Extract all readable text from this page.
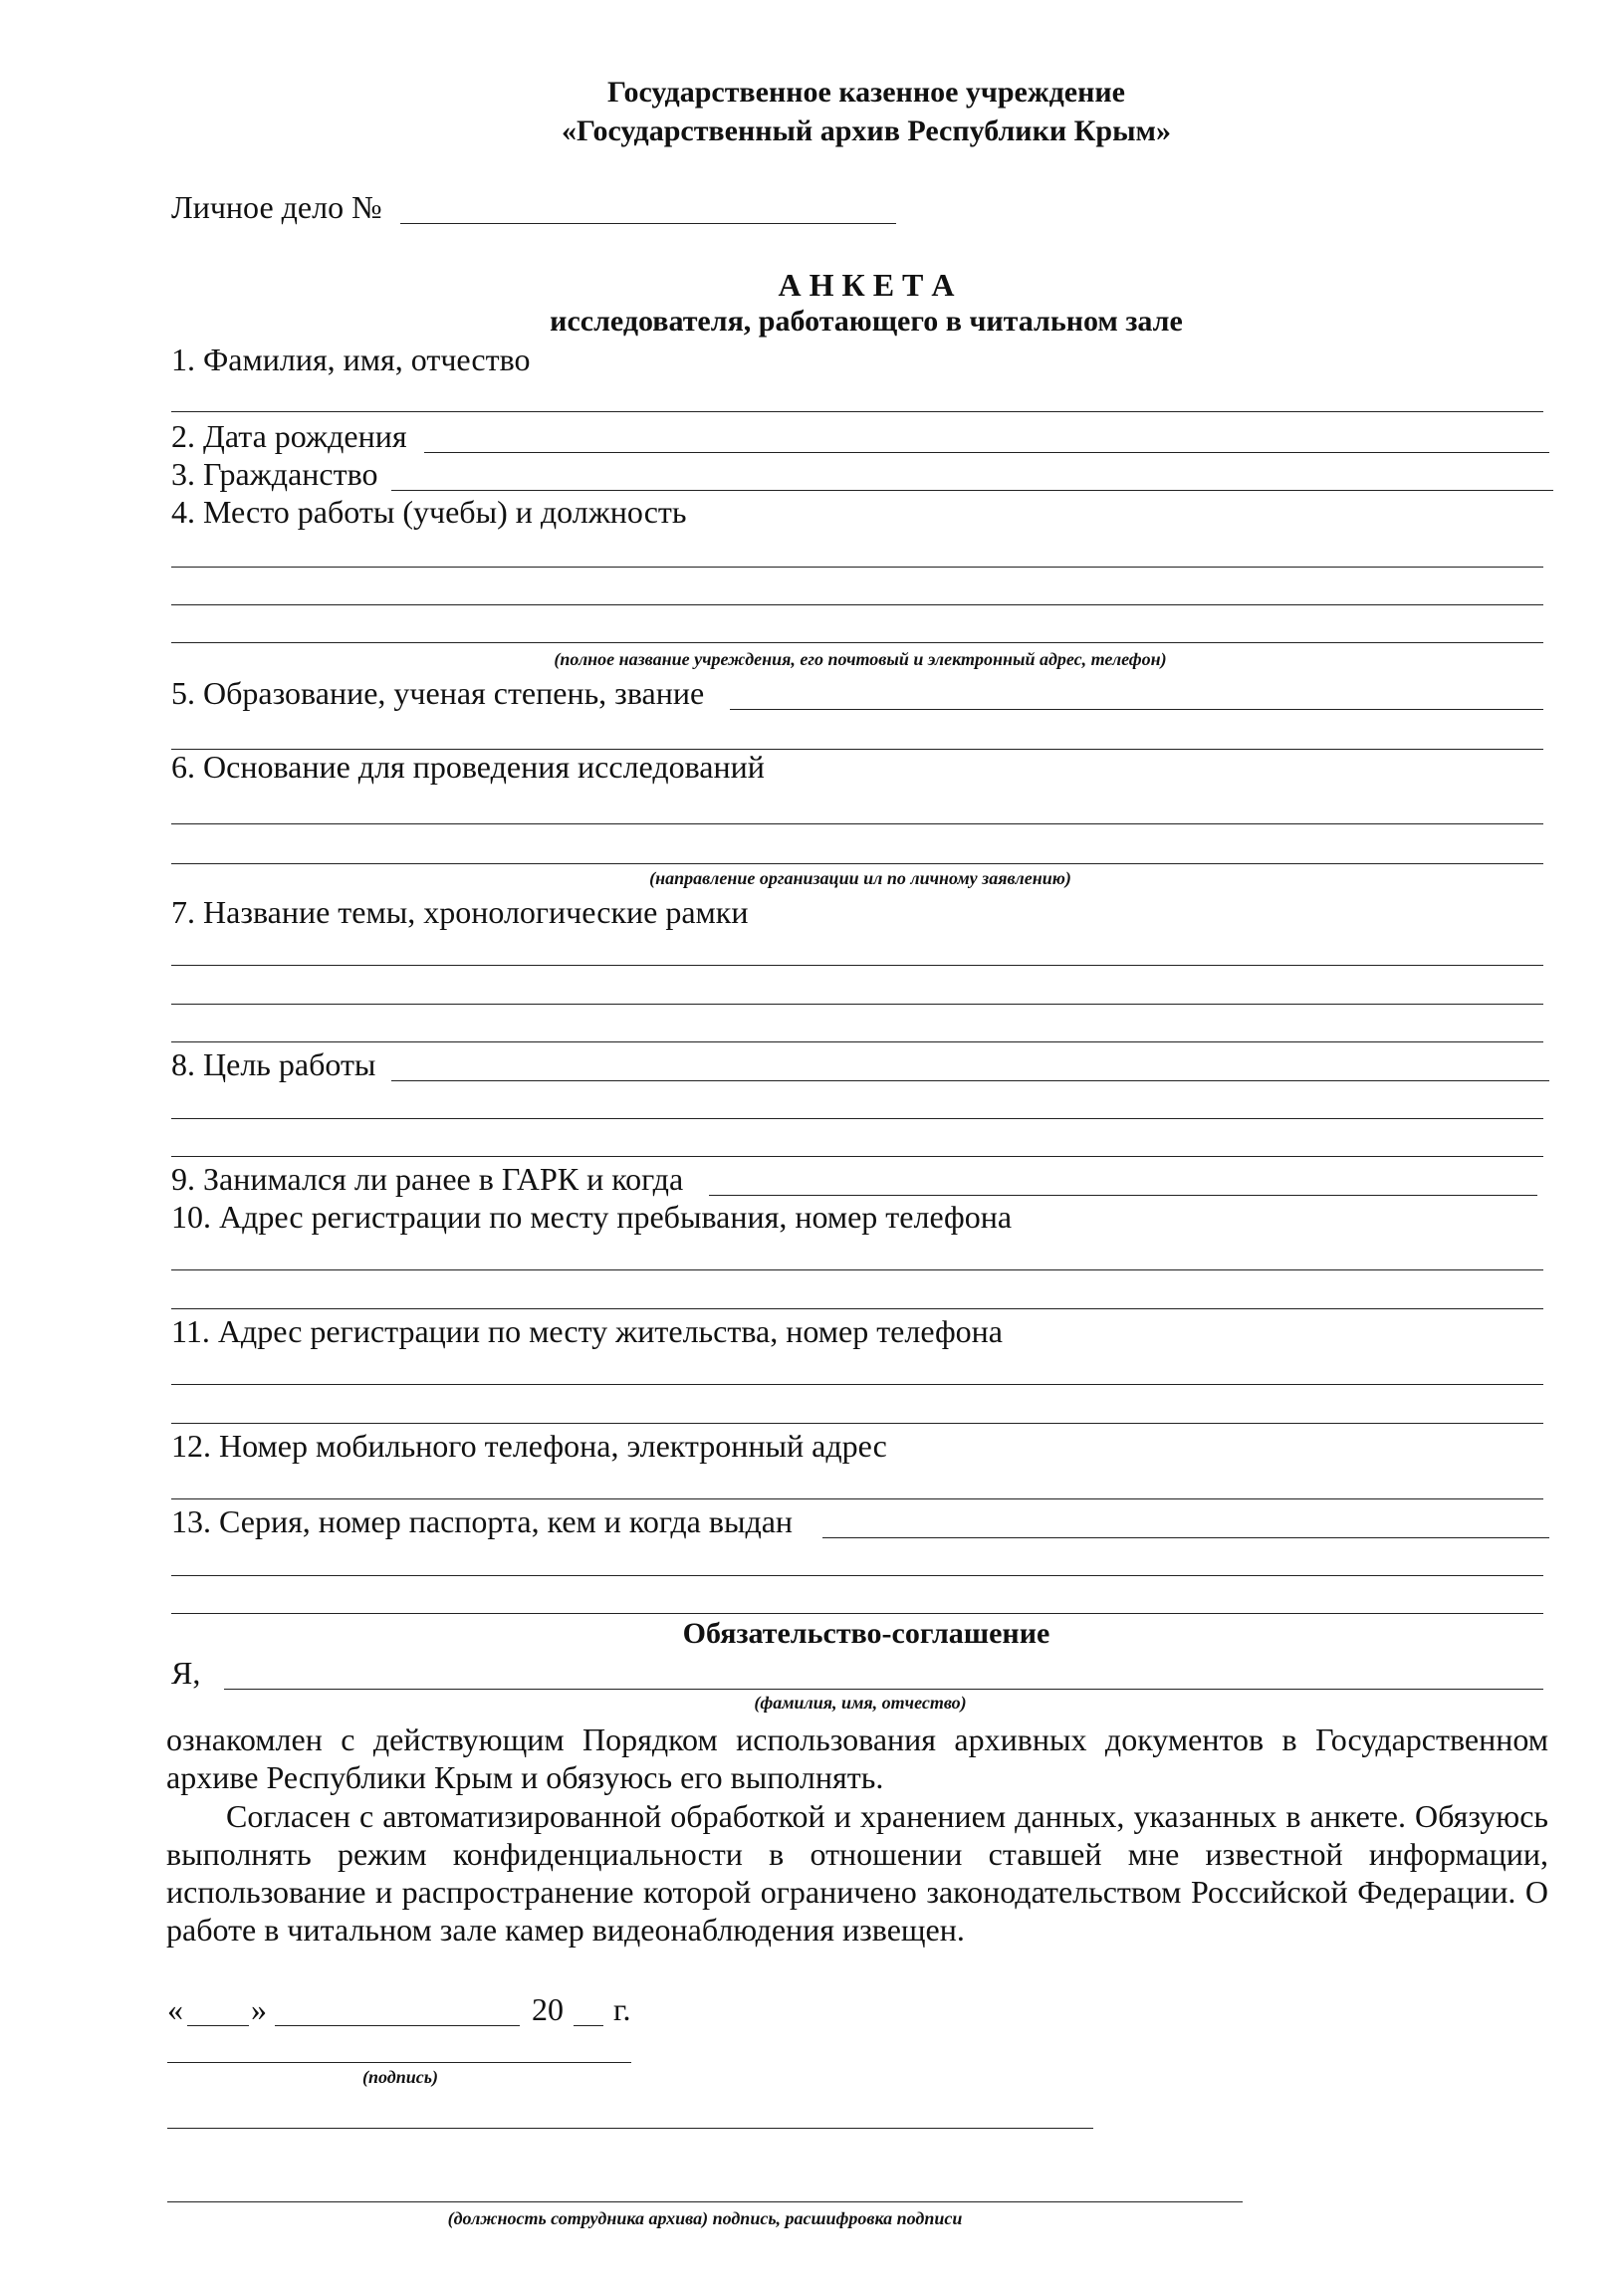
Государственное казенное учреждение
«Государственный архив Республики Крым»
Личное дело №
А Н К Е Т А
исследователя, работающего в читальном зале
1. Фамилия, имя, отчество
2. Дата рождения
3. Гражданство
4. Место работы (учебы) и должность
(полное название учреждения, его почтовый и электронный адрес, телефон)
5. Образование, ученая степень, звание
6. Основание для проведения исследований
(направление организации ил по личному заявлению)
7. Название темы, хронологические рамки
8. Цель работы
9. Занимался ли ранее в ГАРК и когда
10. Адрес регистрации по месту пребывания, номер телефона
11. Адрес регистрации по месту жительства, номер телефона
12. Номер мобильного телефона, электронный адрес
13. Серия, номер паспорта, кем и когда выдан
Обязательство-соглашение
Я,
(фамилия, имя, отчество)
ознакомлен с действующим Порядком использования архивных документов в Государственном архиве Республики Крым и обязуюсь его выполнять.
Согласен с автоматизированной обработкой и хранением данных, указанных в анкете. Обязуюсь выполнять режим конфиденциальности в отношении ставшей мне известной информации, использование и распространение которой ограничено законодательством Российской Федерации. О работе в читальном зале камер видеонаблюдения извещен.
« »	20 г.
(подпись)
(должность сотрудника архива) подпись, расшифровка подписи
